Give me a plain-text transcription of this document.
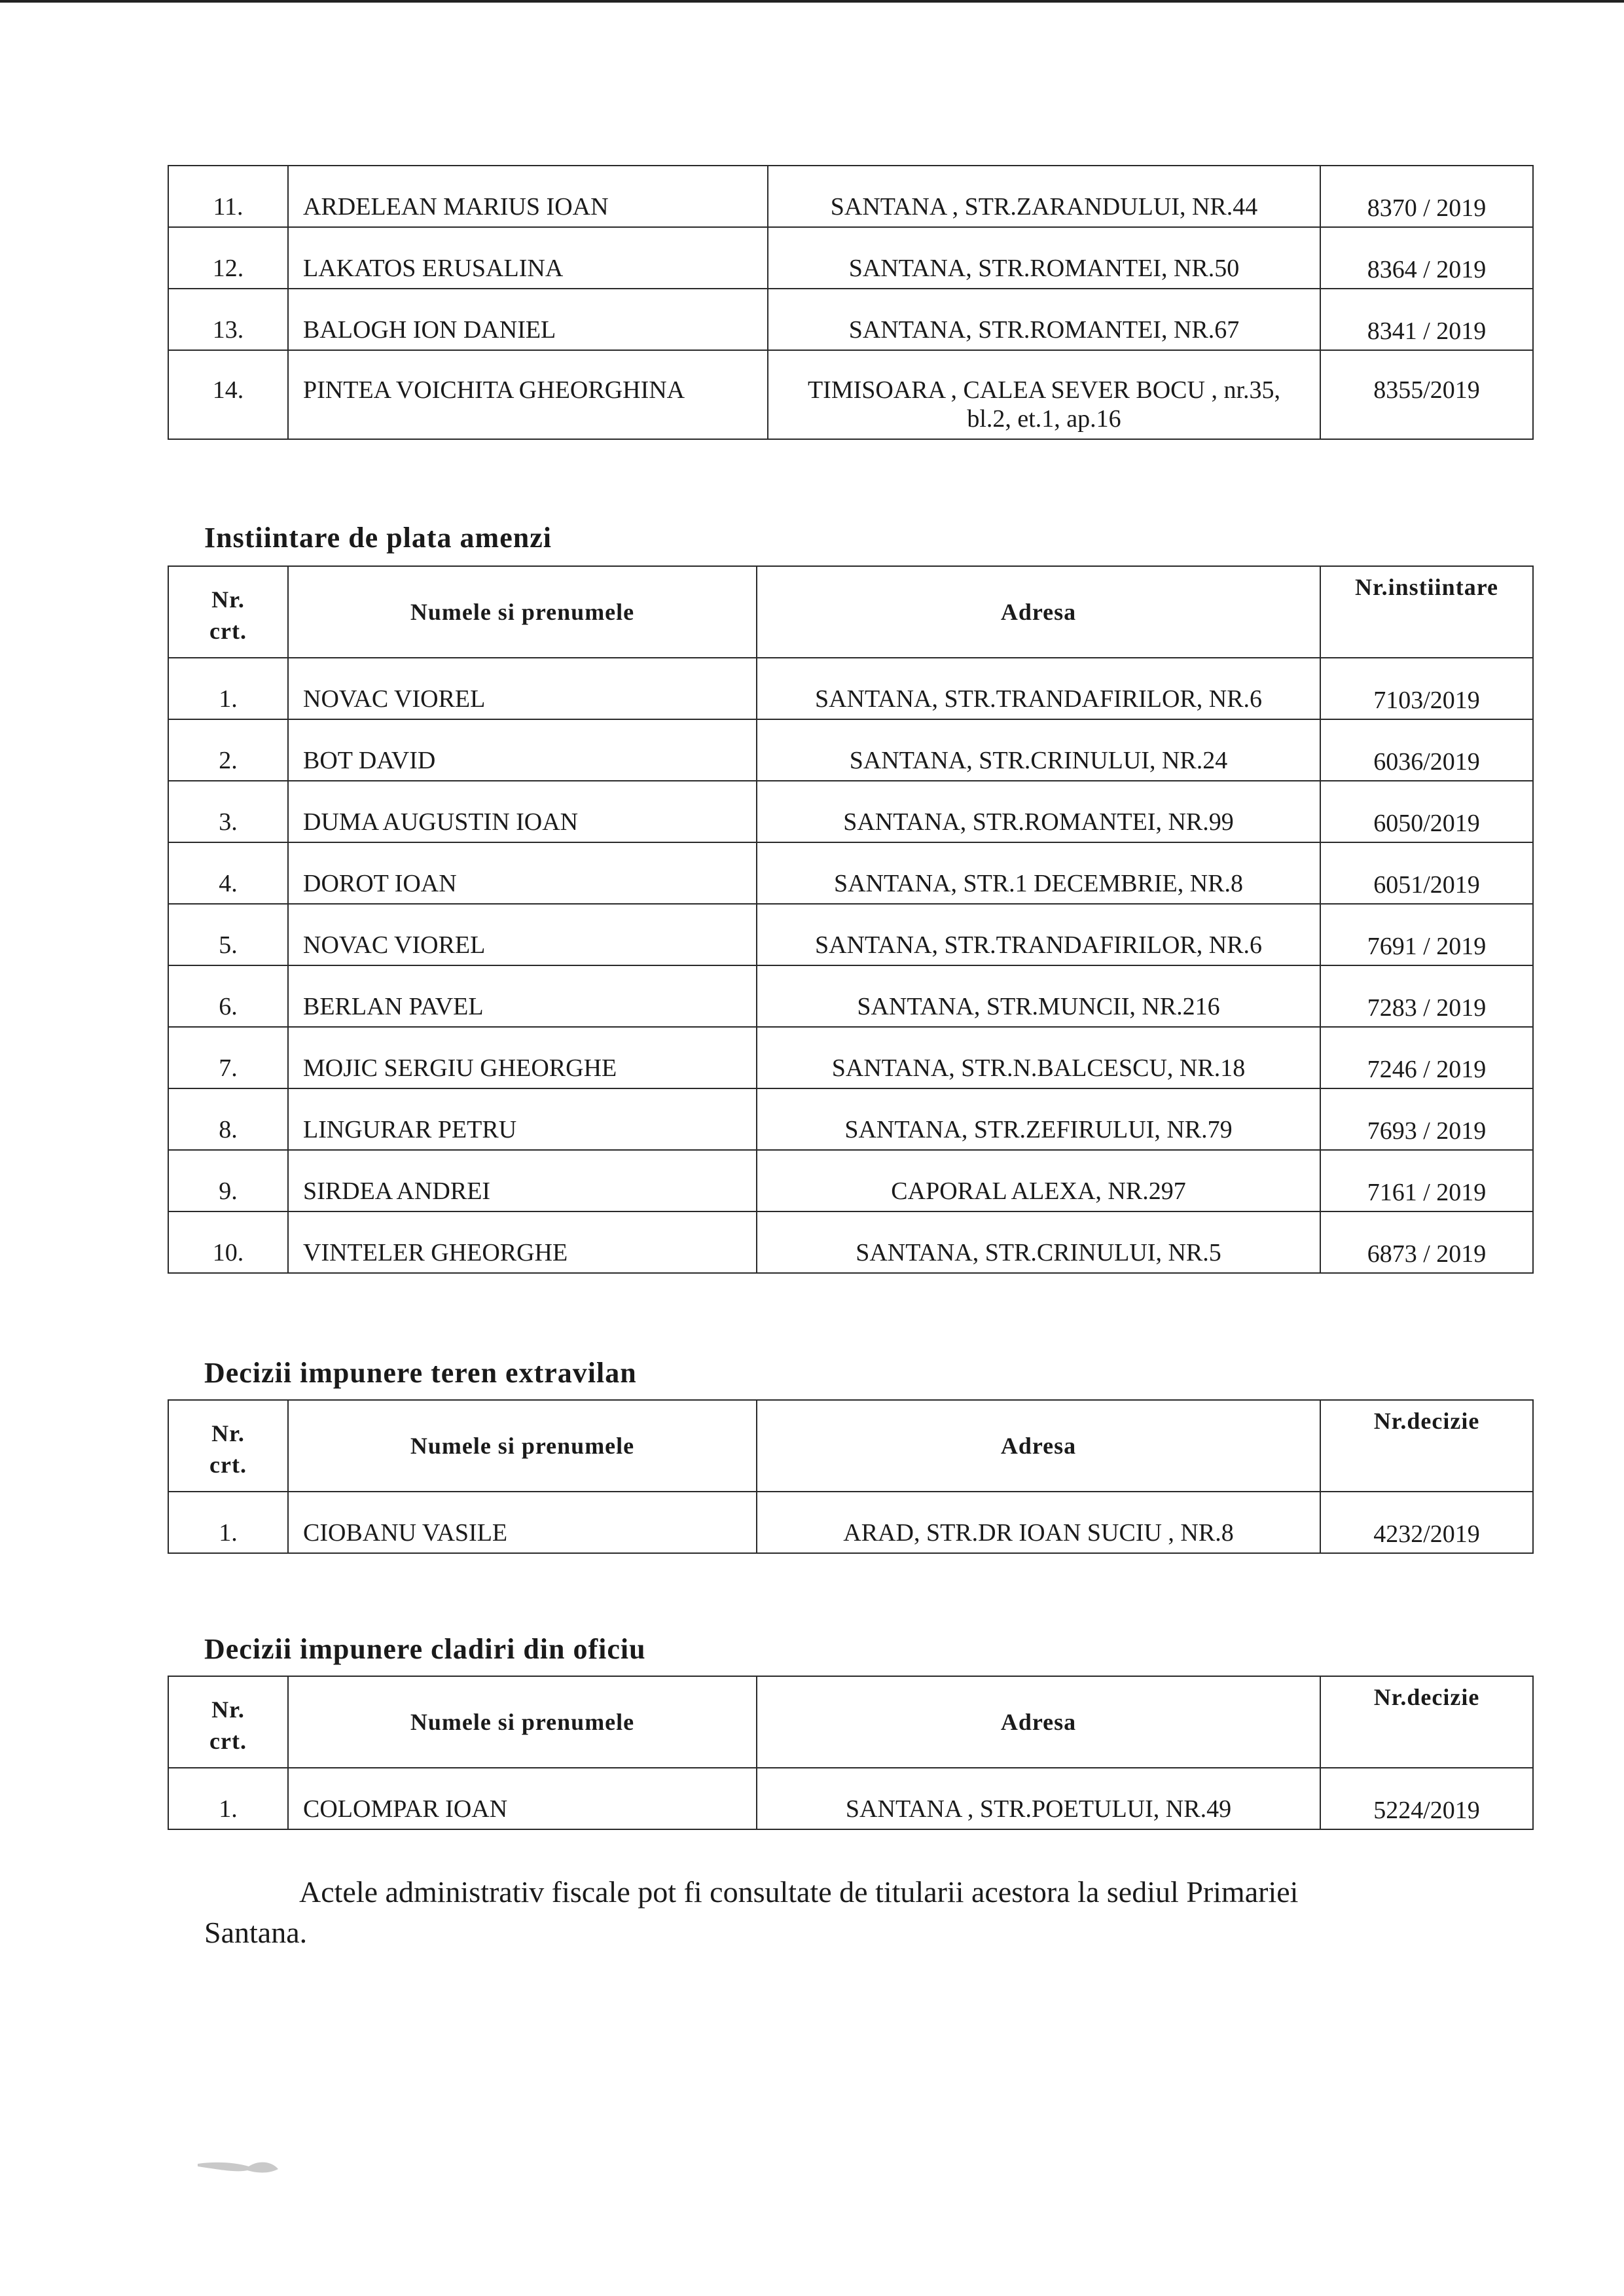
11.	ARDELEAN MARIUS IOAN	SANTANA , STR.ZARANDULUI, NR.44	8370 / 2019
12.	LAKATOS ERUSALINA	SANTANA, STR.ROMANTEI, NR.50	8364 / 2019
13.	BALOGH ION DANIEL	SANTANA, STR.ROMANTEI, NR.67	8341 / 2019
14.	PINTEA VOICHITA GHEORGHINA	TIMISOARA , CALEA SEVER BOCU , nr.35,
bl.2, et.1, ap.16	8355/2019
Instiintare de plata amenzi
Nr.
crt.	Numele si prenumele	Adresa	Nr.instiintare
1.	NOVAC VIOREL	SANTANA, STR.TRANDAFIRILOR, NR.6	7103/2019
2.	BOT DAVID	SANTANA, STR.CRINULUI, NR.24	6036/2019
3.	DUMA AUGUSTIN IOAN	SANTANA, STR.ROMANTEI, NR.99	6050/2019
4.	DOROT IOAN	SANTANA, STR.1 DECEMBRIE, NR.8	6051/2019
5.	NOVAC VIOREL	SANTANA, STR.TRANDAFIRILOR, NR.6	7691 / 2019
6.	BERLAN PAVEL	SANTANA, STR.MUNCII, NR.216	7283 / 2019
7.	MOJIC SERGIU GHEORGHE	SANTANA, STR.N.BALCESCU, NR.18	7246 / 2019
8.	LINGURAR PETRU	SANTANA, STR.ZEFIRULUI, NR.79	7693 / 2019
9.	SIRDEA ANDREI	CAPORAL ALEXA, NR.297	7161 / 2019
10.	VINTELER GHEORGHE	SANTANA, STR.CRINULUI, NR.5	6873 / 2019
Decizii impunere teren extravilan
Nr.
crt.	Numele si prenumele	Adresa	Nr.decizie
1.	CIOBANU VASILE	ARAD, STR.DR IOAN SUCIU , NR.8	4232/2019
Decizii impunere cladiri din oficiu
Nr.
crt.	Numele si prenumele	Adresa	Nr.decizie
1.	COLOMPAR IOAN	SANTANA , STR.POETULUI, NR.49	5224/2019
Actele administrativ fiscale pot fi consultate de titularii acestora la sediul Primariei
Santana.
